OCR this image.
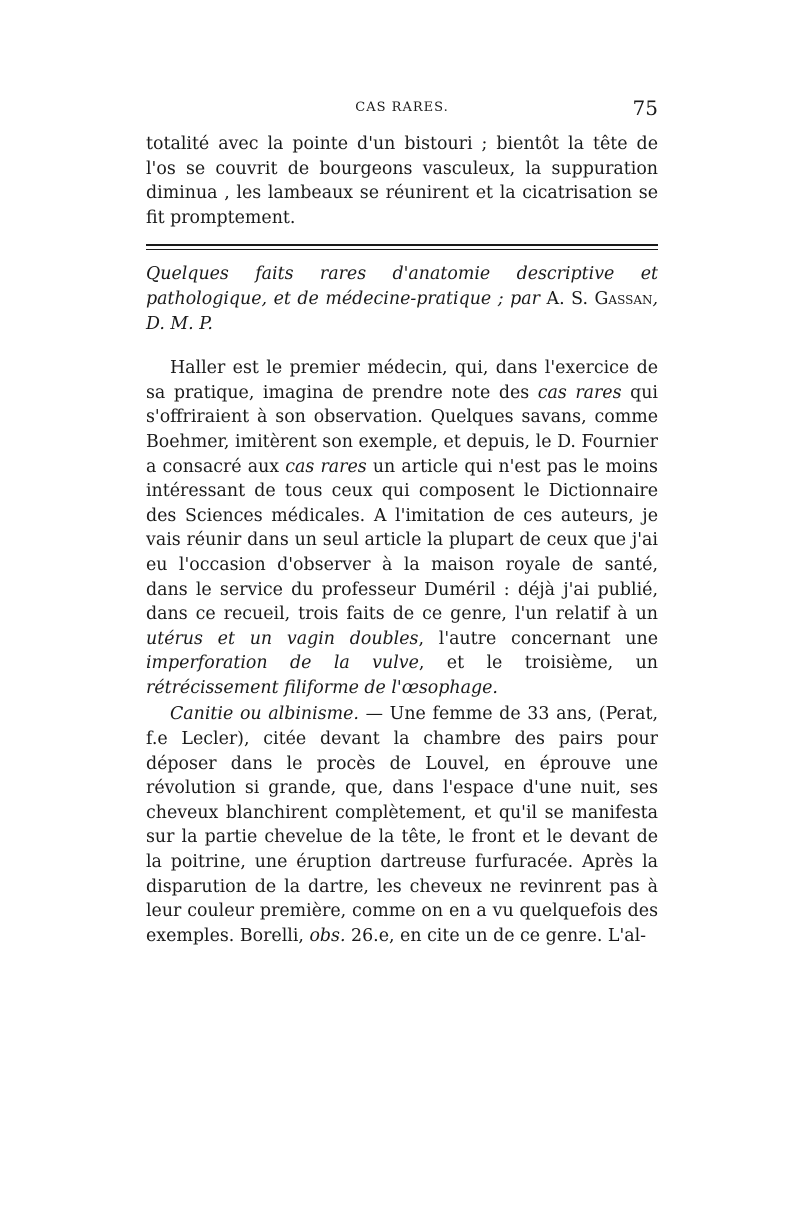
CAS RARES.	75

totalité avec la pointe d'un bistouri ; bientôt la tête de l'os se couvrit de bourgeons vasculeux, la suppuration diminua , les lambeaux se réunirent et la cicatrisation se fit promptement.

Quelques faits rares d'anatomie descriptive et pathologique, et de médecine-pratique ; par A. S. Gassan, D. M. P.

Haller est le premier médecin, qui, dans l'exercice de sa pratique, imagina de prendre note des cas rares qui s'offriraient à son observation. Quelques savans, comme Boehmer, imitèrent son exemple, et depuis, le D. Fournier a consacré aux cas rares un article qui n'est pas le moins intéressant de tous ceux qui composent le Dictionnaire des Sciences médicales. A l'imitation de ces auteurs, je vais réunir dans un seul article la plupart de ceux que j'ai eu l'occasion d'observer à la maison royale de santé, dans le service du professeur Duméril : déjà j'ai publié, dans ce recueil, trois faits de ce genre, l'un relatif à un utérus et un vagin doubles, l'autre concernant une imperforation de la vulve, et le troisième, un rétrécissement filiforme de l'œsophage.

Canitie ou albinisme. — Une femme de 33 ans, (Perat, f.e Lecler), citée devant la chambre des pairs pour déposer dans le procès de Louvel, en éprouve une révolution si grande, que, dans l'espace d'une nuit, ses cheveux blanchirent complètement, et qu'il se manifesta sur la partie chevelue de la tête, le front et le devant de la poitrine, une éruption dartreuse furfuracée. Après la disparution de la dartre, les cheveux ne revinrent pas à leur couleur première, comme on en a vu quelquefois des exemples. Borelli, obs. 26.e, en cite un de ce genre. L'al-
